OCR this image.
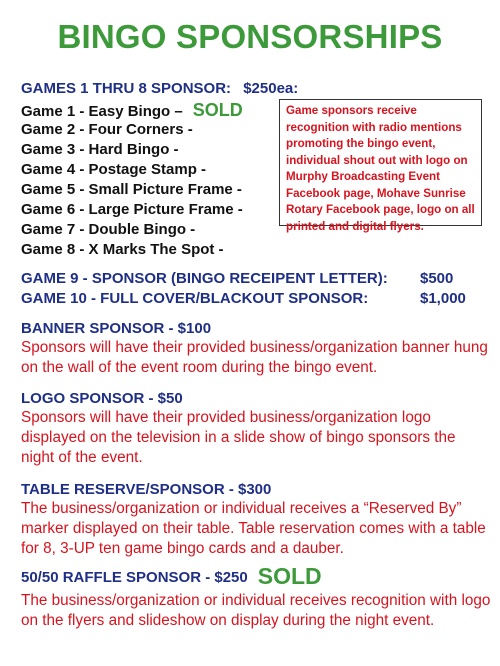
BINGO SPONSORSHIPS
GAMES 1 THRU 8 SPONSOR: $250ea:
Game 1 - Easy Bingo – SOLD
Game 2 - Four Corners -
Game 3 - Hard Bingo -
Game 4 - Postage Stamp -
Game 5 - Small Picture Frame -
Game 6 - Large Picture Frame -
Game 7 - Double Bingo -
Game 8 - X Marks The Spot -
Game sponsors receive recognition with radio mentions promoting the bingo event, individual shout out with logo on Murphy Broadcasting Event Facebook page, Mohave Sunrise Rotary Facebook page, logo on all printed and digital flyers.
GAME 9 - SPONSOR (BINGO RECEIPENT LETTER): $500
GAME 10 - FULL COVER/BLACKOUT SPONSOR:	$1,000
BANNER SPONSOR - $100
Sponsors will have their provided business/organization banner hung on the wall of the event room during the bingo event.
LOGO SPONSOR - $50
Sponsors will have their provided business/organization logo displayed on the television in a slide show of bingo sponsors the night of the event.
TABLE RESERVE/SPONSOR - $300
The business/organization or individual receives a “Reserved By” marker displayed on their table. Table reservation comes with a table for 8, 3-UP ten game bingo cards and a dauber.
50/50 RAFFLE SPONSOR - $250 SOLD
The business/organization or individual receives recognition with logo on the flyers and slideshow on display during the night event.
